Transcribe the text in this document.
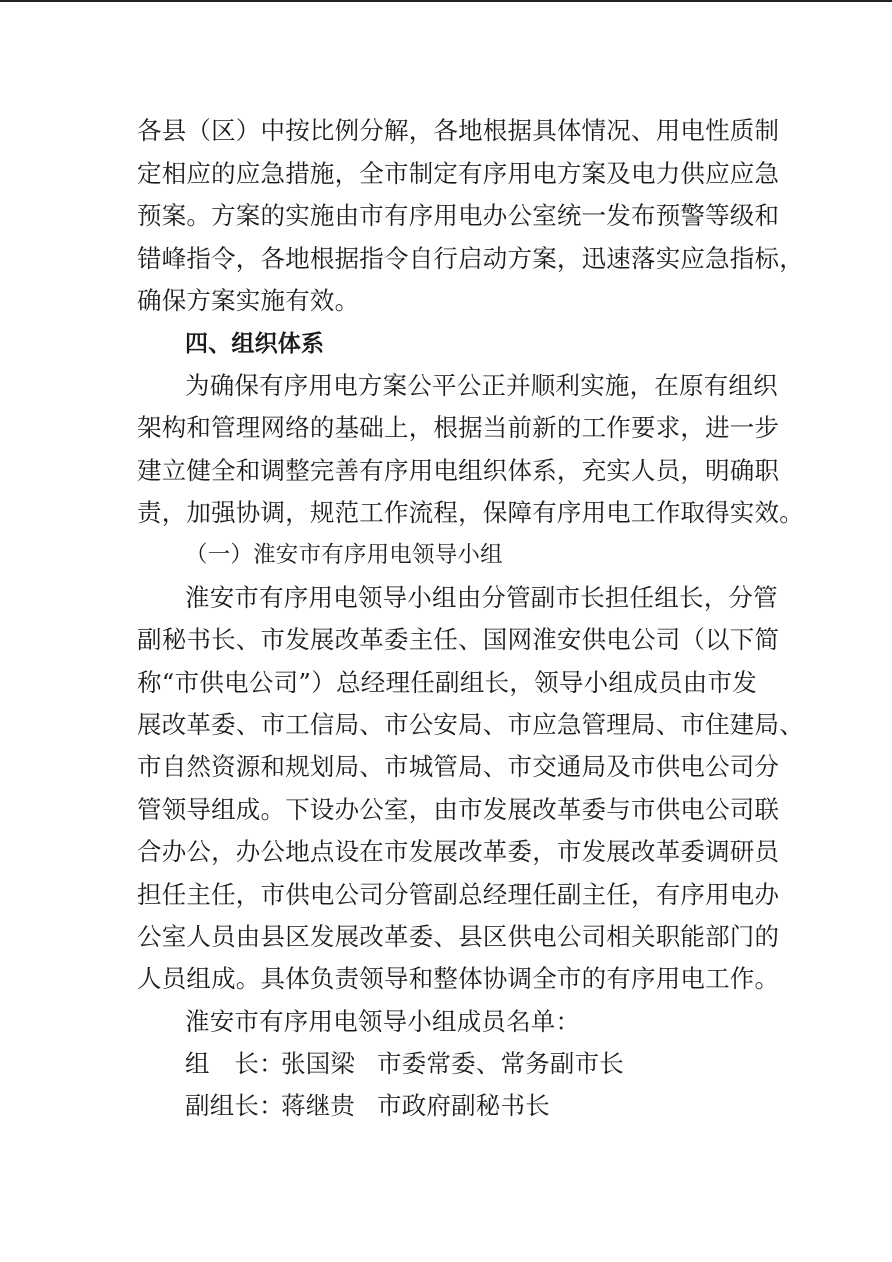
各县（区）中按比例分解，各地根据具体情况、用电性质制
定相应的应急措施，全市制定有序用电方案及电力供应应急
预案。方案的实施由市有序用电办公室统一发布预警等级和
错峰指令，各地根据指令自行启动方案，迅速落实应急指标，
确保方案实施有效。
四、组织体系
为确保有序用电方案公平公正并顺利实施，在原有组织
架构和管理网络的基础上，根据当前新的工作要求，进一步
建立健全和调整完善有序用电组织体系，充实人员，明确职
责，加强协调，规范工作流程，保障有序用电工作取得实效。
（一）淮安市有序用电领导小组
淮安市有序用电领导小组由分管副市长担任组长，分管
副秘书长、市发展改革委主任、国网淮安供电公司（以下简
称“市供电公司”）总经理任副组长，领导小组成员由市发
展改革委、市工信局、市公安局、市应急管理局、市住建局、
市自然资源和规划局、市城管局、市交通局及市供电公司分
管领导组成。下设办公室，由市发展改革委与市供电公司联
合办公，办公地点设在市发展改革委，市发展改革委调研员
担任主任，市供电公司分管副总经理任副主任，有序用电办
公室人员由县区发展改革委、县区供电公司相关职能部门的
人员组成。具体负责领导和整体协调全市的有序用电工作。
淮安市有序用电领导小组成员名单：
组　长：张国梁 市委常委、常务副市长
副组长：蒋继贵 市政府副秘书长
